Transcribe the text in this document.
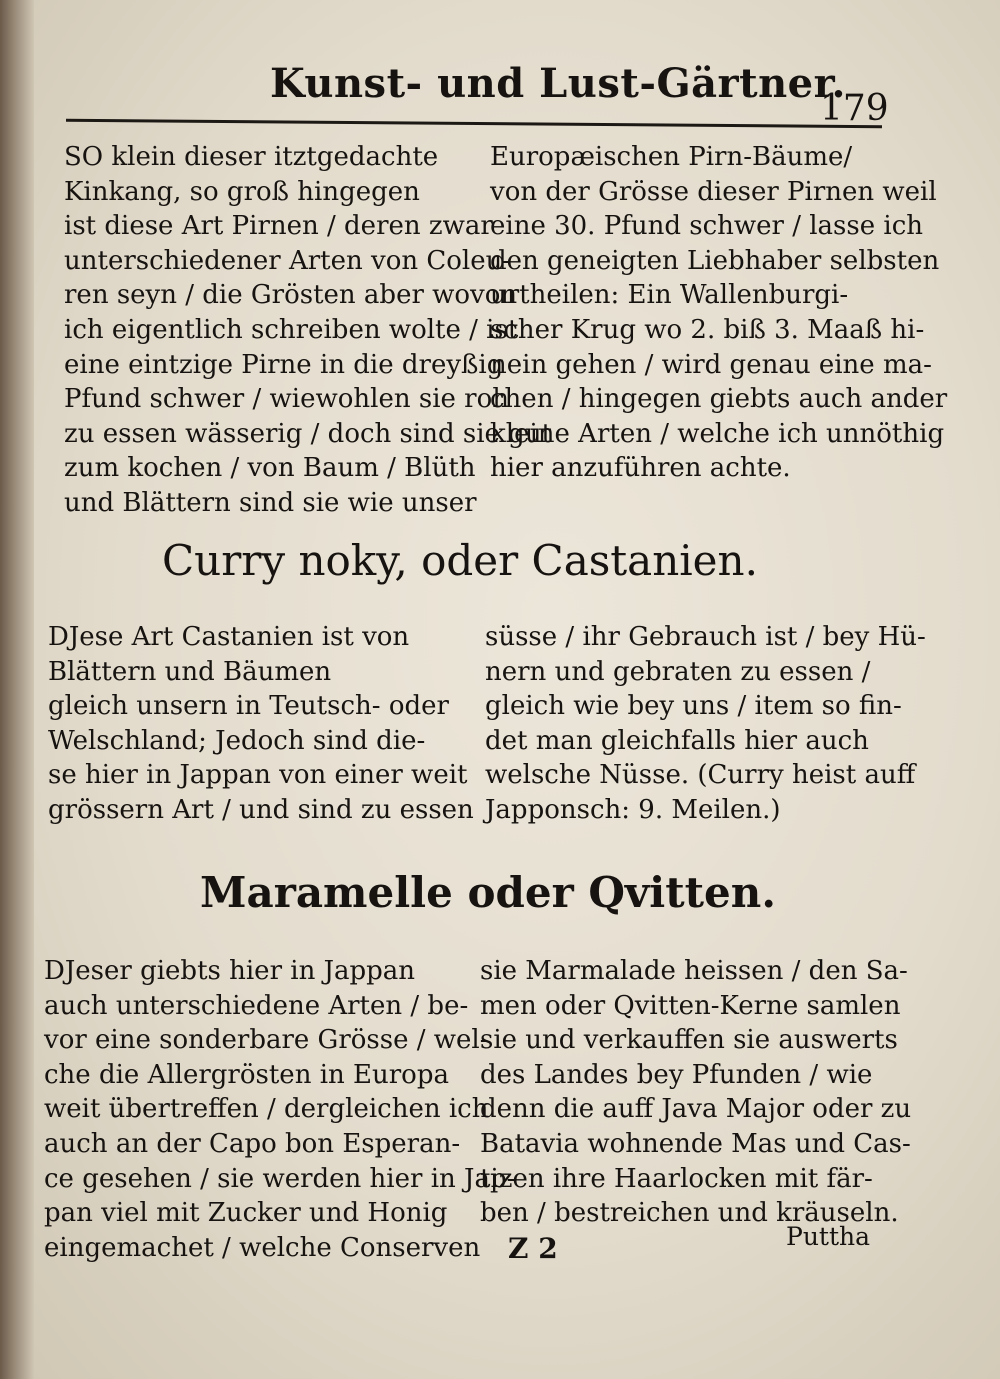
Kunst- und Lust-Gärtner.
179
SO klein dieser itztgedachte
Kinkang, so groß hingegen
ist diese Art Pirnen / deren zwar
unterschiedener Arten von Coleu-
ren seyn / die Grösten aber wovon
ich eigentlich schreiben wolte / ist
eine eintzige Pirne in die dreyßig
Pfund schwer / wiewohlen sie roh
zu essen wässerig / doch sind sie gut
zum kochen / von Baum / Blüth
und Blättern sind sie wie unser
Europæischen Pirn-Bäume/
von der Grösse dieser Pirnen weil
eine 30. Pfund schwer / lasse ich
den geneigten Liebhaber selbsten
urtheilen: Ein Wallenburgi-
scher Krug wo 2. biß 3. Maaß hi-
nein gehen / wird genau eine ma-
chen / hingegen giebts auch ander
kleine Arten / welche ich unnöthig
hier anzuführen achte.
Curry noky, oder Castanien.
DJese Art Castanien ist von
Blättern und Bäumen
gleich unsern in Teutsch- oder
Welschland; Jedoch sind die-
se hier in Jappan von einer weit
grössern Art / und sind zu essen
süsse / ihr Gebrauch ist / bey Hü-
nern und gebraten zu essen /
gleich wie bey uns / item so fin-
det man gleichfalls hier auch
welsche Nüsse. (Curry heist auff
Japponsch: 9. Meilen.)
Maramelle oder Qvitten.
DJeser giebts hier in Jappan
auch unterschiedene Arten / be-
vor eine sonderbare Grösse / wel-
che die Allergrösten in Europa
weit übertreffen / dergleichen ich
auch an der Capo bon Esperan-
ce gesehen / sie werden hier in Jap-
pan viel mit Zucker und Honig
eingemachet / welche Conserven
sie Marmalade heissen / den Sa-
men oder Qvitten-Kerne samlen
sie und verkauffen sie auswerts
des Landes bey Pfunden / wie
denn die auff Java Major oder zu
Batavia wohnende Mas und Cas-
tizen ihre Haarlocken mit fär-
ben / bestreichen und kräuseln.
Z 2	Puttha
